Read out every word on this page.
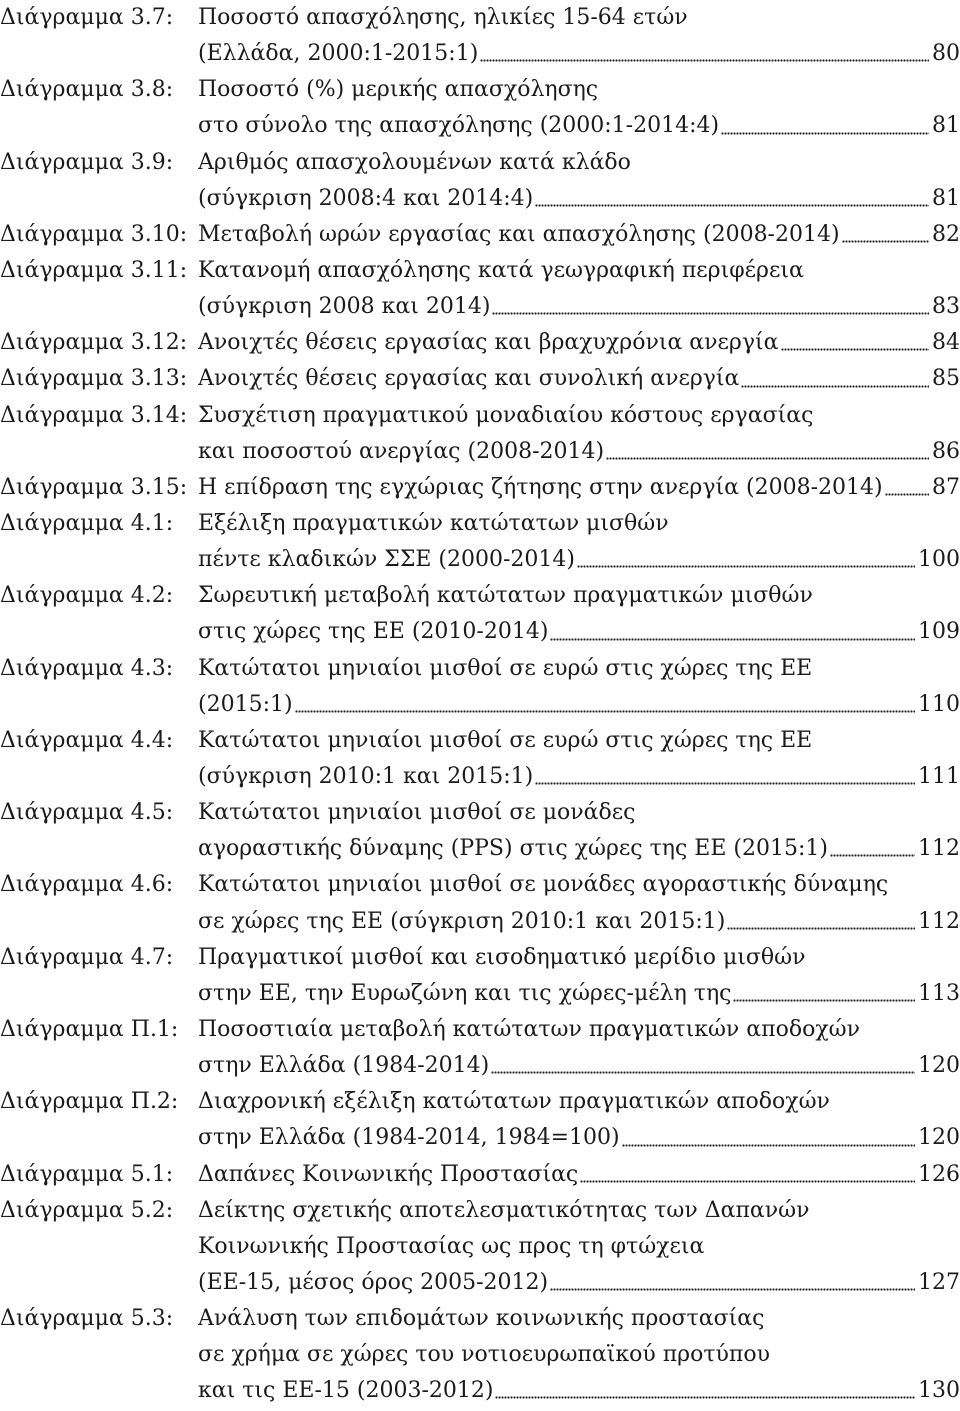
Διάγραμμα 3.7:	Ποσοστό απασχόλησης, ηλικίες 15-64 ετών
(Ελλάδα, 2000:1-2015:1)	80
Διάγραμμα 3.8:	Ποσοστό (%) μερικής απασχόλησης
στο σύνολο της απασχόλησης (2000:1-2014:4)	81
Διάγραμμα 3.9:	Αριθμός απασχολουμένων κατά κλάδο
(σύγκριση 2008:4 και 2014:4)	81
Διάγραμμα 3.10: Μεταβολή ωρών εργασίας και απασχόλησης (2008-2014)	82
Διάγραμμα 3.11: Κατανομή απασχόλησης κατά γεωγραφική περιφέρεια
(σύγκριση 2008 και 2014)	83
Διάγραμμα 3.12: Ανοιχτές θέσεις εργασίας και βραχυχρόνια ανεργία	84
Διάγραμμα 3.13: Ανοιχτές θέσεις εργασίας και συνολική ανεργία	85
Διάγραμμα 3.14: Συσχέτιση πραγματικού μοναδιαίου κόστους εργασίας
και ποσοστού ανεργίας (2008-2014)	86
Διάγραμμα 3.15: Η επίδραση της εγχώριας ζήτησης στην ανεργία (2008-2014) 87
Διάγραμμα 4.1:	Εξέλιξη πραγματικών κατώτατων μισθών
πέντε κλαδικών ΣΣΕ (2000-2014)	100
Διάγραμμα 4.2:	Σωρευτική μεταβολή κατώτατων πραγματικών μισθών
στις χώρες της ΕΕ (2010-2014)	109
Διάγραμμα 4.3:	Κατώτατοι μηνιαίοι μισθοί σε ευρώ στις χώρες της ΕΕ
(2015:1)	110
Διάγραμμα 4.4:	Κατώτατοι μηνιαίοι μισθοί σε ευρώ στις χώρες της ΕΕ
(σύγκριση 2010:1 και 2015:1)	111
Διάγραμμα 4.5:	Κατώτατοι μηνιαίοι μισθοί σε μονάδες
αγοραστικής δύναμης (PPS) στις χώρες της ΕΕ (2015:1)	112
Διάγραμμα 4.6:	Κατώτατοι μηνιαίοι μισθοί σε μονάδες αγοραστικής δύναμης
σε χώρες της ΕΕ (σύγκριση 2010:1 και 2015:1)	112
Διάγραμμα 4.7:	Πραγματικοί μισθοί και εισοδηματικό μερίδιο μισθών
στην ΕΕ, την Ευρωζώνη και τις χώρες-μέλη της	113
Διάγραμμα Π.1: Ποσοστιαία μεταβολή κατώτατων πραγματικών αποδοχών
στην Ελλάδα (1984-2014)	120
Διάγραμμα Π.2: Διαχρονική εξέλιξη κατώτατων πραγματικών αποδοχών
στην Ελλάδα (1984-2014, 1984=100)	120
Διάγραμμα 5.1:	Δαπάνες Κοινωνικής Προστασίας	126
Διάγραμμα 5.2:	Δείκτης σχετικής αποτελεσματικότητας των Δαπανών
Κοινωνικής Προστασίας ως προς τη φτώχεια
(ΕΕ-15, μέσος όρος 2005-2012)	127
Διάγραμμα 5.3:	Ανάλυση των επιδομάτων κοινωνικής προστασίας
σε χρήμα σε χώρες του νοτιοευρωπαϊκού προτύπου
και τις ΕΕ-15 (2003-2012)	130
